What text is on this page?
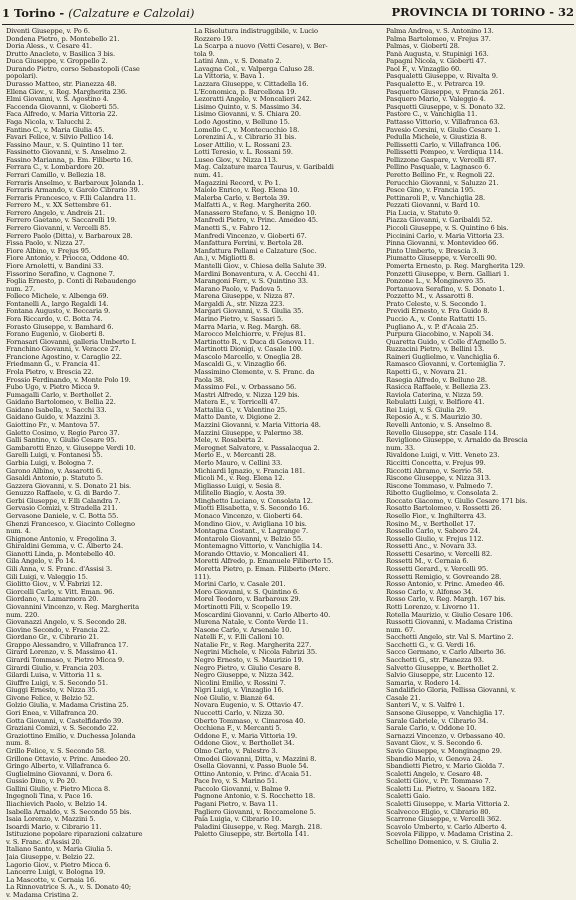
1 Torino - (Calzature e Calzolai)	PROVINCIA DI TORINO - 32
Diventi Giuseppe, v. Po 6.
Dondena Pietro, p. Montebello 21.
Doria Aless., v. Cesare 41.
Drutto Anacleto, v. Basilica 3 bis.
Duca Giuseppe, v. Groppello 2.
Durando Pietro, corso Sebastopoli (Case
popolari).
Durasso Matteo, str. Pianezza 48.
Ellena Giov., v. Reg. Margherita 236.
Elmi Giovanni, v. S. Agostino 4.
Faccenda Giovanni, v. Gioberti 55.
Faca Alfredo, v. Maria Vittoria 22.
Faga Nicola, v. Talucchi 2.
Fantino C., v. Maria Giulia 45.
Favari Felice, v. Silvio Pellico 14.
Fassino Maur., v. S. Quintino 11 ter.
Fassinetto Giovanni, v. S. Anselmo 2.
Fassino Marianna, p. Em. Filiberto 16.
Ferrara C., v. Lombardore 20.
Ferrari Camillo, v. Bellezia 18.
Ferraris Anselmo, v. Barbaroux Jolanda 1.
Ferraris Armando, v. Garolo Cibrario 39.
Ferraris Francesco, v. F.lli Calandra 11.
Ferrero M., v. XX Settembre 61.
Ferrero Angelo, v. Andreis 21.
Ferrero Gaetano, v. Saccarelli 19.
Ferrero Giovanni, v. Vercelli 85.
Ferrero Paolo (Ditta), v. Barbaroux 28.
Fissa Paolo, v. Nizza 27.
Fiore Albino, v. Frejus 95.
Fiore Antonio, v. Priocca, Oddone 40.
Fiore Arnoletti, v. Bandini 33.
Fissorino Serafino, v. Cagnone 7.
Foglia Ernesto, p. Conti di Rebaudengo
num. 27.
Folleco Michele, v. Albenga 69.
Fontanelli A., largo Regaldi 14.
Fontana Augusto, v. Beccaria 9.
Fora Riccardo, v. C. Botta 74.
Forasto Giuseppe, v. Bamhard 6.
Forano Eugenio, v. Gioberti 8.
Fornasari Giovanni, galleria Umberto I.
Franchino Giovanni, v. Veracce 27.
Francione Agostino, v. Caraglio 22.
Friedmann G., v. Francia 41.
Frola Pietro, v. Brescia 22.
Frossio Ferdinando, v. Monte Polo 19.
Fubo Ugo, v. Pietro Micca 9.
Fumagalli Carlo, v. Berthollet 2.
Gaidano Bartolomeo, v. Bellia 22.
Gaidano Isabella, v. Sacchi 33.
Gaidano Guido, v. Mazzini 3.
Gaiottino Fr., v. Mantova 57.
Galetto Cosimo, v. Regio Parco 37.
Galli Santino, v. Giulio Cesare 95.
Gambarotti Enzo, v. Giuseppe Verdi 10.
Garelli Luigi, v. Fontanesi 55.
Garbia Luigi, v. Bologna 7.
Garono Albino, v. Assarotti 6.
Gasaldi Antonio, p. Statuto 5.
Gazzera Giovanni, v. S. Donato 21 bis.
Genuzzo Raffaele, v. G. di Bardo 7.
Gerbi Giuseppe, v. F.lli Calandra 7.
Gervasio Comizi, v. Stradella 211.
Gervasone Daniele, v. C. Botta 55.
Ghenzi Francesco, v. Giacinto Collegno
num. 4.
Ghignone Antonio, v. Fregolina 3.
Ghiraldini Gemma, v. C. Alberto 24.
Gianotti Linda, p. Montebello 40.
Gila Angelo, v. Po 14.
Gili Anna, v. S. Franc. d'Assisi 3.
Gili Luigi, v. Valeggio 15.
Giolitto Giov., v. V. Fabrizi 12.
Giorcelli Carlo, v. Vitt. Eman. 96.
Giordano, v. Lamarmora 20.
Giovannini Vincenzo, v. Reg. Margherita
num. 220.
Giovanazzi Angelo, v. S. Secondo 28.
Giovine Secondo, v. Francia 22.
Giordano Gr., v. Cibrario 21.
Grappo Alessandro, v. Villafranca 17.
Girard Lorenzo, v. S. Massimo 41.
Girardi Tommaso, v. Pietro Micca 9.
Girardi Giulio, v. Francia 203.
Gilardi Luisa, v. Vittoria 11 s.
Giuffre Luigi, v. S. Secondo 51.
Giuggi Ernesto, v. Nizza 35.
Givone Felice, v. Belzio 52.
Golzio Giulia, v. Madama Cristina 25.
Gori Enea, v. Villafranca 20.
Gotta Giovanni, v. Castelfidardo 39.
Graziani Comizi, v. S. Secondo 22.
Graziottino Emilio, v. Duchessa Jolanda
num. 8.
Grillo Felice, v. S. Secondo 58.
Grillone Ottavio, v. Princ. Amedeo 20.
Gringo Alberto, v. Villafranca 6.
Guglielmino Giovanni, v. Dora 6.
Gussio Dino, v. Po 20.
Gallini Giulio, v. Pietro Micca 8.
Ingegnoli Tina, v. Pace 16.
Iliachievich Paolo, v. Belzio 14.
Isabella Arnaldo, v. S. Secondo 55 bis.
Isaia Lorenzo, v. Mazzini 5.
Isoardi Mario, v. Cibrario 11.
Istituzione popolare riparazioni calzature
v. S. Franc. d'Assisi 20.
Italiano Santo, v. Maria Giulia 5.
Jaia Giuseppe, v. Belzio 22.
Lagorio Giov., v. Pietro Micca 6.
Lancerre Luigi, v. Bologna 19.
La Mascotte, v. Cernaia 16.
La Rinnovatrice S. A., v. S. Donato 40;
v. Madama Cristina 2.
La Risolutura indistruggibile, v. Lucio
Rozzero 19.
La Scarpa a nuovo (Vetti Cesare), v. Ber-
tola 9.
Latini Ann., v. S. Donato 2.
Lavagna Col., v. Valperga Caluso 28.
La Vittoria, v. Bava 1.
Lazzara Giuseppe, v. Cittadella 16.
L'Economica, p. Barcellona 19.
Lezoratti Angelo, v. Moncalieri 242.
Lisimo Quinto, v. S. Massimo 34.
Lisimo Giovanni, v. S. Chiara 20.
Lodo Agostino, v. Belluno 15.
Lomello C., v. Montecucchio 18.
Lorenzini A., v. Cibrario 31 bis.
Loser Attilio, v. L. Rossani 23.
Lotti Teresio, v. L. Rossani 59.
Luseo Giov., v. Nizza 113.
Mag. Calzature marca Taurus, v. Garibaldi
num. 41.
Magazzini Record, v. Po 1.
Maiolo Enrico, v. Reg. Elena 10.
Malerba Carlo, v. Bertola 39.
Malfatti A., v. Reg. Margherita 260.
Manassero Stefano, v. S. Benigno 10.
Manfredi Pietro, v. Princ. Amedeo 45.
Manetti S., v. Fabro 12.
Manfredi Vincenzo, v. Gioberti 67.
Manfattura Ferrini, v. Bertola 28.
Manfattura Pellami e Calzature (Soc.
An.), v. Migliotti 8.
Mantelli Giov., v. Chiesa della Salute 39.
Mardini Bonaventura, v. A. Cecchi 41.
Marangoni Ferr., v. S. Quintino 33.
Marano Paolo, v. Padova 5.
Marena Giuseppe, v. Nizza 87.
Margaldi A., str. Nizza 223.
Margari Giovanni, v. S. Giulia 35.
Marino Pietro, v. Sassari 5.
Marra Maria, v. Reg. Margh. 68.
Marocco Melchiorre, v. Frejus 81.
Martinotto R., v. Duca di Genova 11.
Martinotti Dionigi, v. Casale 100.
Mascolo Marcello, v. Oneglia 28.
Mascaldi G., v. Vinzaglio 66.
Massimino Clemente, v. S. Franc. da
Paola 38.
Massimo Fel., v. Orbassano 56.
Mastri Alfredo, v. Nizza 129 bis.
Matera E., v. Torricelli 47.
Mattaliia G., v. Valentino 25.
Matto Dante, v. Digione 2.
Mazzini Giovanni, v. Maria Vittoria 48.
Mazzini Giuseppe, v. Palermo 38.
Mele, v. Rosaberta 2.
Merognet Salvatore, v. Passalacqua 2.
Merlo E., v. Mercanti 28.
Merlo Mauro, v. Cellini 33.
Michiardi Ignazio, v. Francia 181.
Micoli M., v. Reg. Elena 12.
Migliasso Luigi, v. Sesia 8.
Militello Biagio, v. Aosta 39.
Minghetto Luciano, v. Consolata 12.
Miotti Elisabetta, v. S. Secondo 16.
Monaco Vincenzo, v. Gioberti 64.
Mondino Giov., v. Avigliana 10 bis.
Montagna Costant., v. Lagrange 7.
Montarolo Giovanni, v. Belzio 55.
Montemagno Vittorio, v. Vanchiglia 14.
Morando Ottavio, v. Moncalieri 41.
Moretti Alfredo, p. Emanuele Filiberto 15.
Moretta Pietro, p. Eman. Filiberto (Merc.
111).
Morini Carlo, v. Casale 201.
Moro Giovanni, v. S. Quintino 6.
Morel Teodoro, v. Barbaroux 29.
Mortinotti Fili, v. Scopello 19.
Moscardini Giovanni, v. Carlo Alberto 40.
Murena Natale, v. Conte Verde 11.
Nasone Carlo, v. Arsenale 10.
Natelli F., v. F.lli Calloni 10.
Natalie Fr., v. Reg. Margherita 227.
Negrini Michele, v. Nicola Fabrizi 35.
Negro Ernesto, v. S. Maurizio 19.
Negro Pietro, v. Giulio Cesare 8.
Negro Giuseppe, v. Nizza 342.
Nicolini Emilio, v. Rossini 7.
Nigri Luigi, v. Vinzaglio 16.
Noè Giulio, v. Bianzè 64.
Novara Eugenio, v. S. Ottavio 47.
Nuccetti Carlo, v. Nizza 30.
Oberto Tommaso, v. Cimarosa 40.
Occhiena F., v. Mercanti 5.
Oddone F., v. Maria Vittoria 19.
Oddone Giov., v. Berthollet 34.
Olmo Carlo, v. Palestro 3.
Omodei Giovanni, Ditta, v. Mazzini 8.
Osella Giovanni, v. Passo Buole 54.
Ottino Antonio, v. Princ. d'Acaia 51.
Pace Ivo, v. S. Marino 51.
Paccolo Giovanni, v. Balme 9.
Pagnone Antonio, v. S. Rocchetto 18.
Pagani Pietro, v. Bava 11.
Pagliero Giovanni, v. Roccamelone 5.
Paia Luigia, v. Cibrario 10.
Paladini Giuseppe, v. Reg. Margh. 218.
Paletto Giuseppe, str. Bertolla 141.
Palma Andrea, v. S. Antonino 13.
Palma Bartolomeo, v. Frejus 37.
Palmas, v. Gioberti 28.
Panà Augusta, v. Stupinigi 163.
Papagni Nicola, v. Gioberti 47.
Paol F., v. Vinzaglio 60.
Pasqualetti Giuseppe, v. Rivalta 9.
Pasqualetto E., v. Petrarca 19.
Pasquetto Giuseppe, v. Francia 261.
Pasquero Mario, v. Valeggio 4.
Pasquetti Giuseppe, v. S. Donato 32.
Pastore C., v. Vanchiglia 11.
Pattasso Vittorio, v. Villafranca 63.
Pavesio Corsini, v. Giulio Cesare 1.
Pedulla Michele, v. Giustizia 8.
Pellissetti Carlo, v. Villafranca 106.
Pellissetti Pompeo, v. Verdiqua 114.
Pellizzone Gaspare, v. Vercelli 87.
Pellino Pasquale, v. Lagnasco 6.
Peretto Bellino Fr., v. Regnoli 22.
Perucchio Giovanni, v. Saluzzo 21.
Pesce Gino, v. Francia 195.
Pettinaroli P., v. Vanchiglia 28.
Pezzati Giovanni, v. Bard 10.
Pia Lucia, v. Statuto 9.
Piazza Giovanni, v. Garibaldi 52.
Piccoli Giuseppe, v. S. Quintino 6 bis.
Piccinini Carlo, v. Maria Vittoria 23.
Pinna Giovanni, v. Montevideo 66.
Pinto Umberto, v. Brescia 3.
Piumatto Giuseppe, v. Vercelli 90.
Pomerta Ernesto, p. Reg. Margherita 129.
Ponzetti Giuseppe, v. Bern. Galliari 1.
Ponzone L., v. Monginevro 35.
Portanuova Serafino, v. S. Donato 1.
Pozzetto M., v. Assarotti 8.
Prato Celeste, v. S. Secondo 1.
Previdi Ernesto, v. Fra Guido 8.
Puccio A., v. Conte Rattatti 15.
Pugliano A., v. P. d'Acaia 25.
Purpura Giacobino, v. Napoli 34.
Quaretta Guido, v. Colle d'Agnello 5.
Ruzzacini Pietro, v. Bellini 13.
Raineri Guglielmo, v. Vanchiglia 6.
Ramasco Giovanni, v. Cortemiglia 7.
Rapetti G., v. Novara 21.
Rasegia Alfredo, v. Belluno 28.
Rasicca Raffaele, v. Bellezia 23.
Raviola Caterina, v. Nizza 59.
Rebulatti Luigi, v. Belfiore 41.
Rei Luigi, v. S. Giulia 29.
Reposio A., v. S. Maurizio 30.
Revelli Antonio, v. S. Anselmo 8.
Revello Giuseppe, str. Casale 114.
Revigliono Giuseppe, v. Arnaldo da Brescia
num. 33.
Rivaldone Luigi, v. Vitt. Veneto 23.
Riccitti Concetta, v. Frejus 99.
Riccotti Abramo, v. Serrio 58.
Riscone Giuseppe, v. Nizza 313.
Riscone Tommaso, v. Palmedo 7.
Ribotto Guglielmo, v. Consolata 2.
Roccato Giacomo, v. Giulio Cesare 171 bis.
Rosatto Bartolomeo, v. Rossetti 26.
Rosello Fior., v. Inghilterra 43.
Rosino M., v. Berthollet 17.
Rossello Carlo, v. Saboro 24.
Rossello Giulio, v. Frejus 112.
Rossetti Anc., v. Novara 33.
Rossetti Cesarino, v. Vercelli 82.
Rossetti M., v. Cernaia 6.
Rossetti Gerard., v. Vercelli 95.
Rossetti Remigio, v. Govreando 28.
Rosso Antonio, v. Princ. Amedeo 46.
Rosso Carlo, v. Alfonso 34.
Rosso Carlo, v. Reg. Margh. 167 bis.
Rotti Lorenzo, v. Livorno 11.
Rotella Maurizio, v. Giulio Cesare 106.
Russotti Giovanni, v. Madama Cristina
num. 67.
Sacchetti Angelo, str. Val S. Martino 2.
Sacchetti G., v. G. Verdi 16.
Sacco Germano, v. Carlo Alberto 36.
Sacchetti G., str. Pianezza 93.
Salvetto Giuseppe, v. Berthollet 2.
Salvio Giuseppe, str. Lucento 12.
Samaria, v. Rodero 14.
Sandalificio Gloria, Pellissa Giovanni, v.
Casale 21.
Santeri V., v. S. Valfré 1.
Sansone Giuseppe, v. Vanchiglia 17.
Sarale Gabriele, v. Cibrario 34.
Sarale Carlo, v. Oddone 10.
Sarnazzi Vincenzo, v. Orbassano 40.
Savant Giov., v. S. Secondo 6.
Savio Giuseppe, v. Monginagno 29.
Sbandio Mario, v. Genova 24.
Sbandietti Pietro, v. Mario Giolda 7.
Scaletti Angelo, v. Cesaro 48.
Scaletti Giov., v. Pr. Tommaso 7.
Scaletti Lu. Pietro, v. Saoara 182.
Scaletti Gaio.
Scaletti Giuseppe, v. Maria Vittoria 2.
Scalvecco Eligio, v. Cibrario 80.
Scarrone Giuseppe, v. Vercelli 362.
Scavolo Umberto, v. Carlo Alberto 4.
Scevola Filippo, v. Madama Cristina 2.
Schellino Domenico, v. S. Giulia 2.
